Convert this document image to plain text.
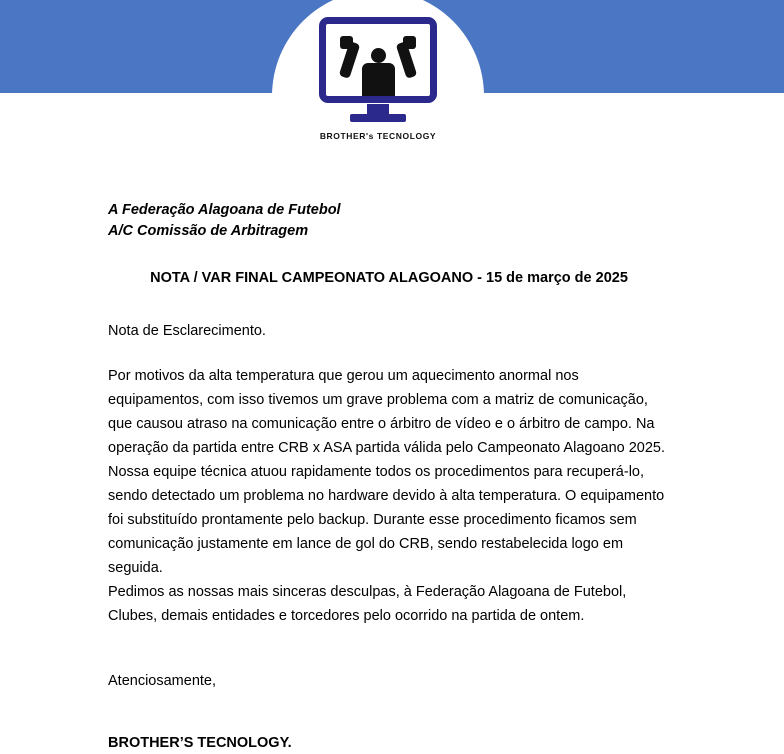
BROTHER's TECNOLOGY
A Federação Alagoana de Futebol
A/C Comissão de Arbitragem
NOTA / VAR FINAL CAMPEONATO ALAGOANO - 15 de março de 2025
Nota de Esclarecimento.

Por motivos da alta temperatura que gerou um aquecimento anormal nos equipamentos, com isso tivemos um grave problema com a matriz de comunicação, que causou atraso na comunicação entre o árbitro de vídeo e o árbitro de campo. Na operação da partida entre CRB x ASA partida válida pelo Campeonato Alagoano 2025. Nossa equipe técnica atuou rapidamente todos os procedimentos para recuperá-lo, sendo detectado um problema no hardware devido à alta temperatura. O equipamento foi substituído prontamente pelo backup. Durante esse procedimento ficamos sem comunicação justamente em lance de gol do CRB, sendo restabelecida logo em seguida.

Pedimos as nossas mais sinceras desculpas, à Federação Alagoana de Futebol, Clubes, demais entidades e torcedores pelo ocorrido na partida de ontem.

Atenciosamente,
BROTHER’S TECNOLOGY.
